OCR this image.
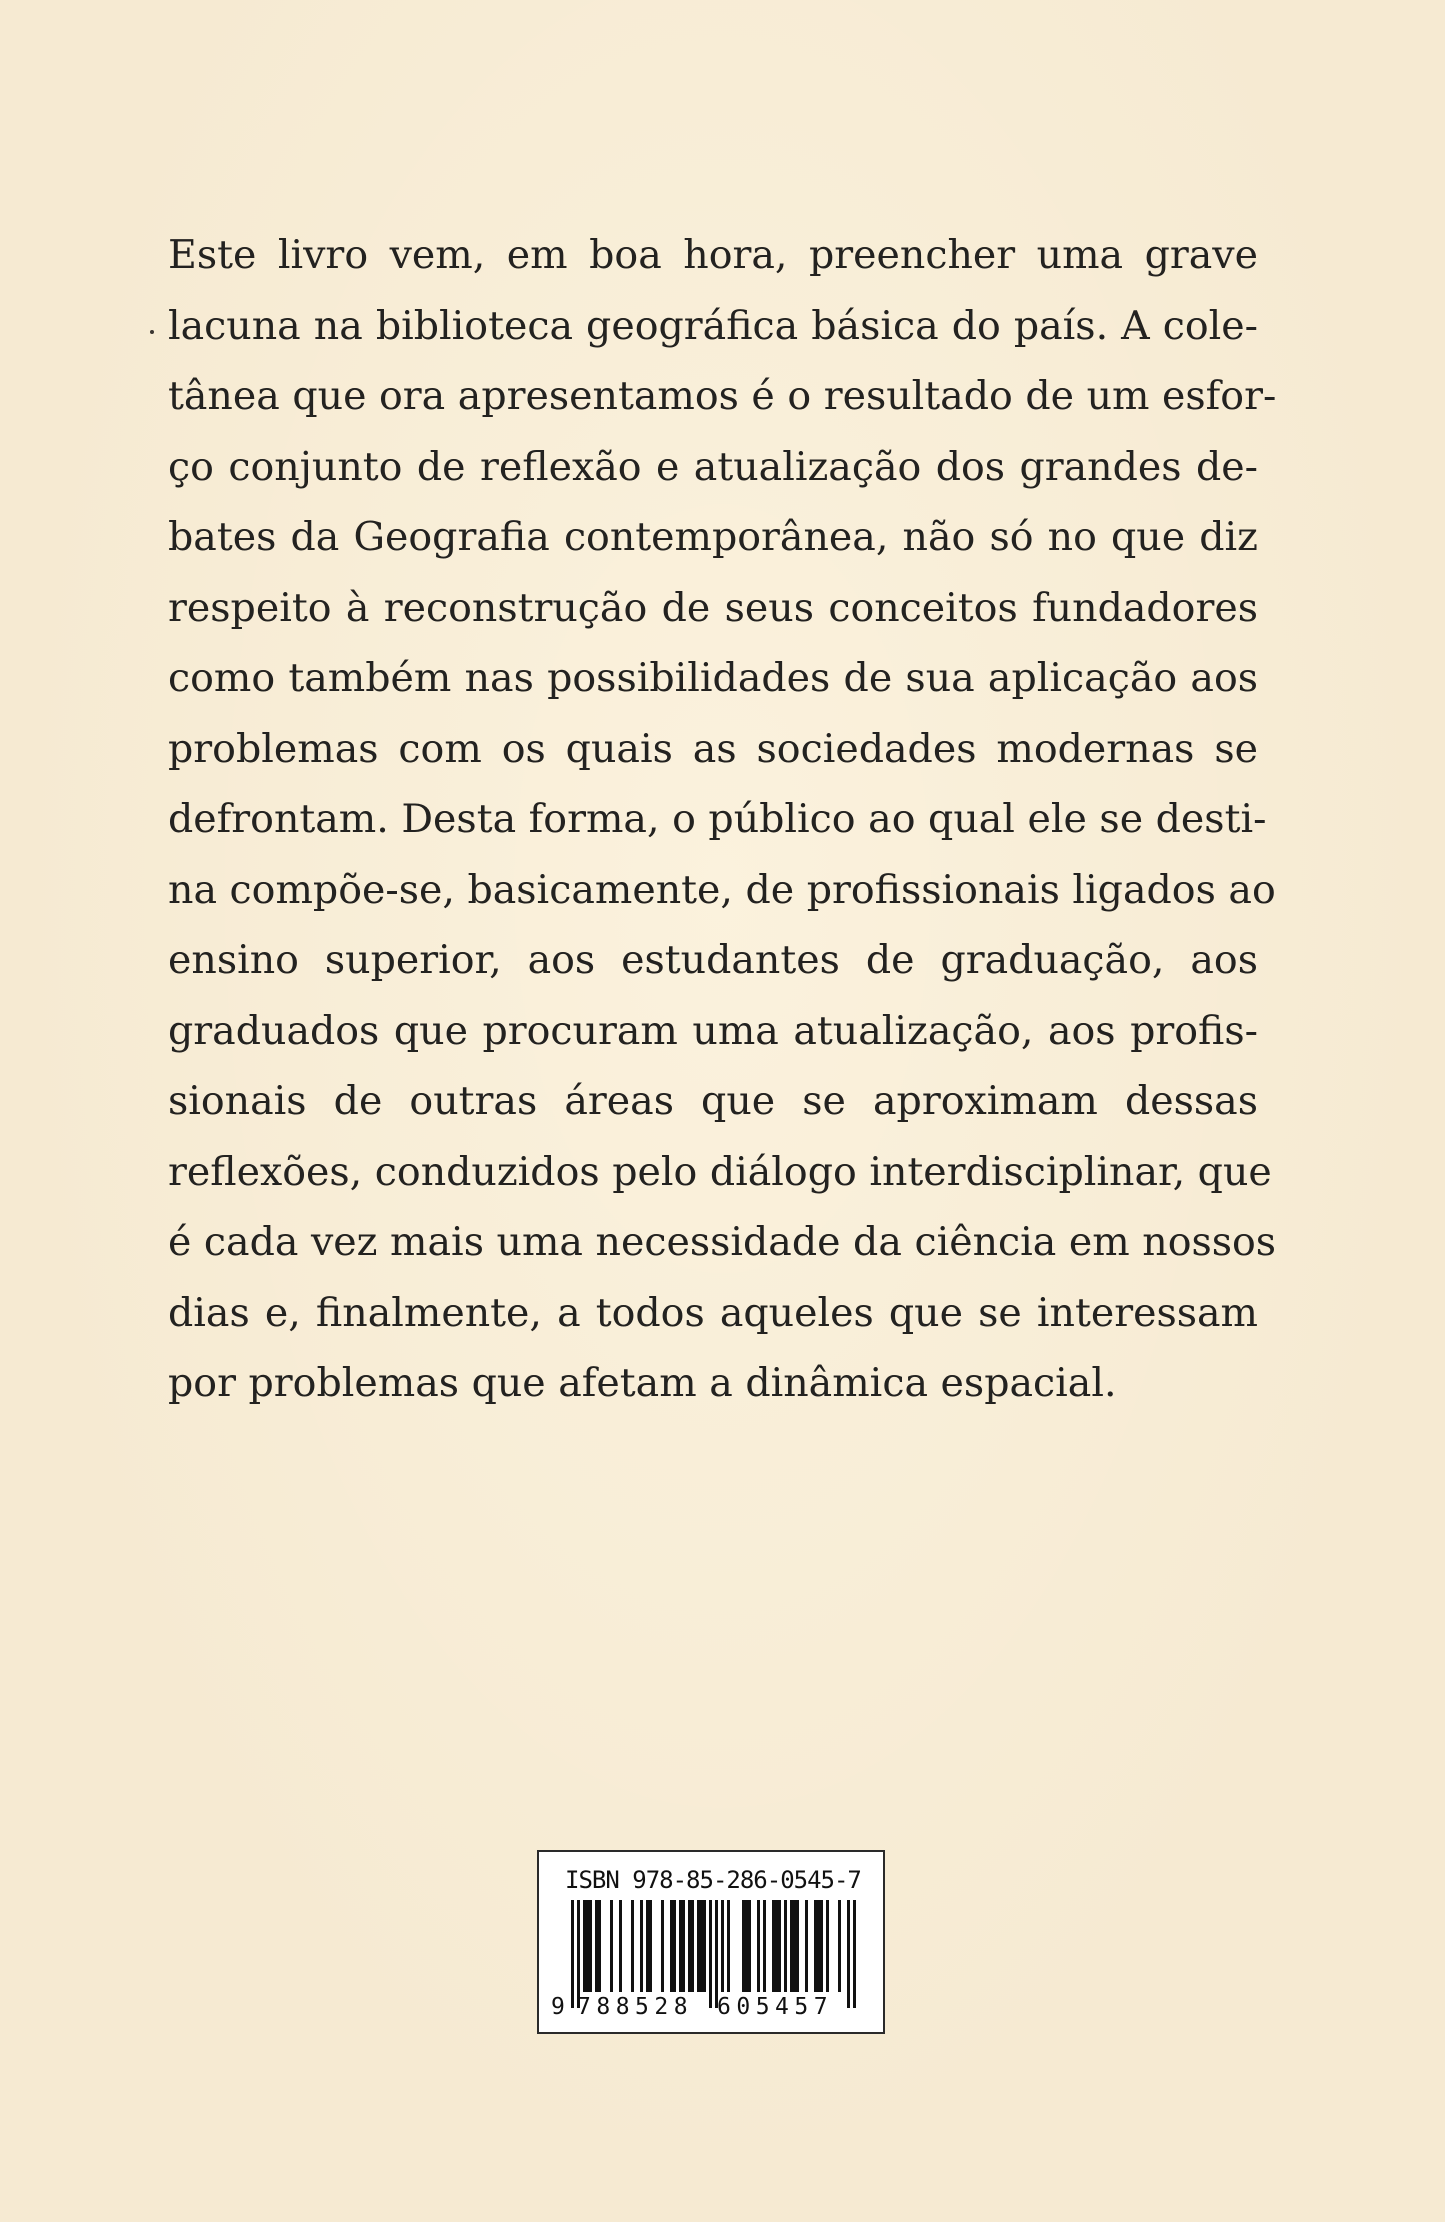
Este livro vem, em boa hora, preencher uma grave
lacuna na biblioteca geográfica básica do país. A cole-
tânea que ora apresentamos é o resultado de um esfor-
ço conjunto de reflexão e atualização dos grandes de-
bates da Geografia contemporânea, não só no que diz
respeito à reconstrução de seus conceitos fundadores
como também nas possibilidades de sua aplicação aos
problemas com os quais as sociedades modernas se
defrontam. Desta forma, o público ao qual ele se desti-
na compõe-se, basicamente, de profissionais ligados ao
ensino superior, aos estudantes de graduação, aos
graduados que procuram uma atualização, aos profis-
sionais de outras áreas que se aproximam dessas
reflexões, conduzidos pelo diálogo interdisciplinar, que
é cada vez mais uma necessidade da ciência em nossos
dias e, finalmente, a todos aqueles que se interessam
por problemas que afetam a dinâmica espacial.

ISBN 978-85-286-0545-7
9 788528 605457
